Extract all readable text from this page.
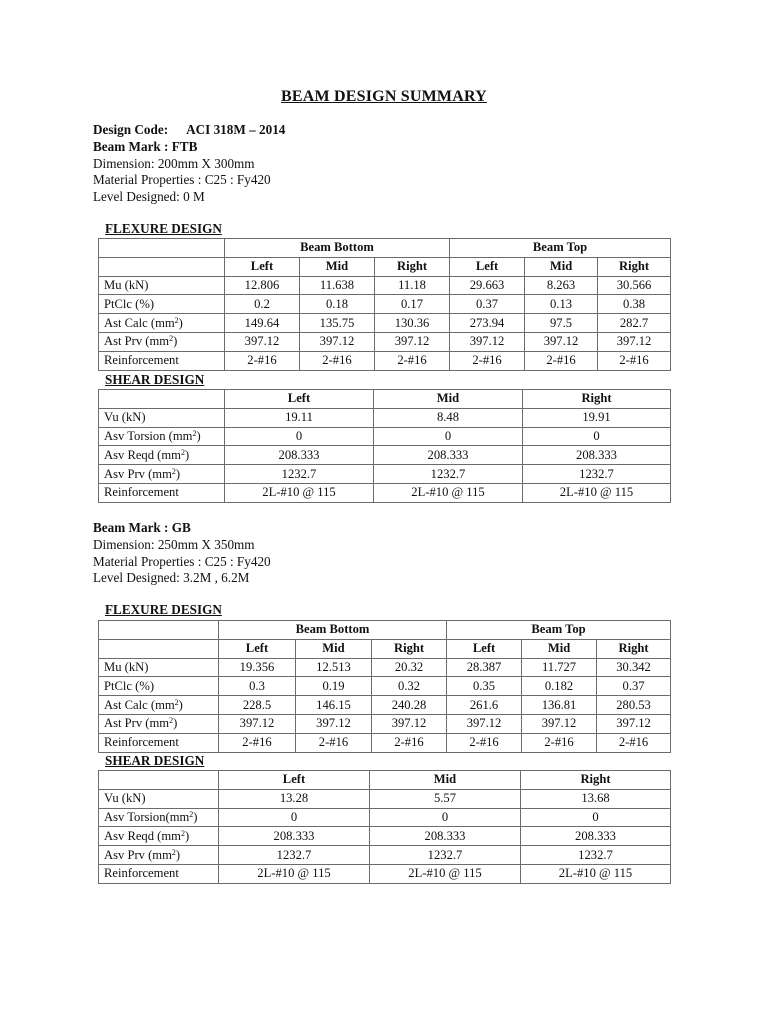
BEAM DESIGN SUMMARY
Design Code: ACI 318M – 2014
Beam Mark : FTB
Dimension: 200mm X 300mm
Material Properties : C25 : Fy420
Level Designed: 0 M
FLEXURE DESIGN
	Beam Bottom			Beam Top		
	Left	Mid	Right	Left	Mid	Right
Mu (kN)	12.806	11.638	11.18	29.663	8.263	30.566
PtClc (%)	0.2	0.18	0.17	0.37	0.13	0.38
Ast Calc $(mm^2)$	149.64	135.75	130.36	273.94	97.5	282.7
Ast Prv $(mm^2)$	397.12	397.12	397.12	397.12	397.12	397.12
Reinforcement	2-#16	2-#16	2-#16	2-#16	2-#16	2-#16
SHEAR DESIGN
	Left	Mid	Right
Vu (kN)	19.11	8.48	19.91
Asv Torsion $(mm^2)$	0	0	0
Asv Reqd $(mm^2)$	208.333	208.333	208.333
Asv Prv $(mm^2)$	1232.7	1232.7	1232.7
Reinforcement	2L-#10 @ 115	2L-#10 @ 115	2L-#10 @ 115
Beam Mark : GB
Dimension: 250mm X 350mm
Material Properties : C25 : Fy420
Level Designed: 3.2M , 6.2M
FLEXURE DESIGN
	Beam Bottom			Beam Top		
	Left	Mid	Right	Left	Mid	Right
Mu (kN)	19.356	12.513	20.32	28.387	11.727	30.342
PtClc (%)	0.3	0.19	0.32	0.35	0.182	0.37
Ast Calc $(mm^2)$	228.5	146.15	240.28	261.6	136.81	280.53
Ast Prv $(mm^2)$	397.12	397.12	397.12	397.12	397.12	397.12
Reinforcement	2-#16	2-#16	2-#16	2-#16	2-#16	2-#16
SHEAR DESIGN
	Left	Mid	Right
Vu (kN)	13.28	5.57	13.68
Asv $Torsion(mm^2)$	0	0	0
Asv Reqd $(mm^2)$	208.333	208.333	208.333
Asv Prv $(mm^2)$	1232.7	1232.7	1232.7
Reinforcement	2L-#10 @ 115	2L-#10 @ 115	2L-#10 @ 115
